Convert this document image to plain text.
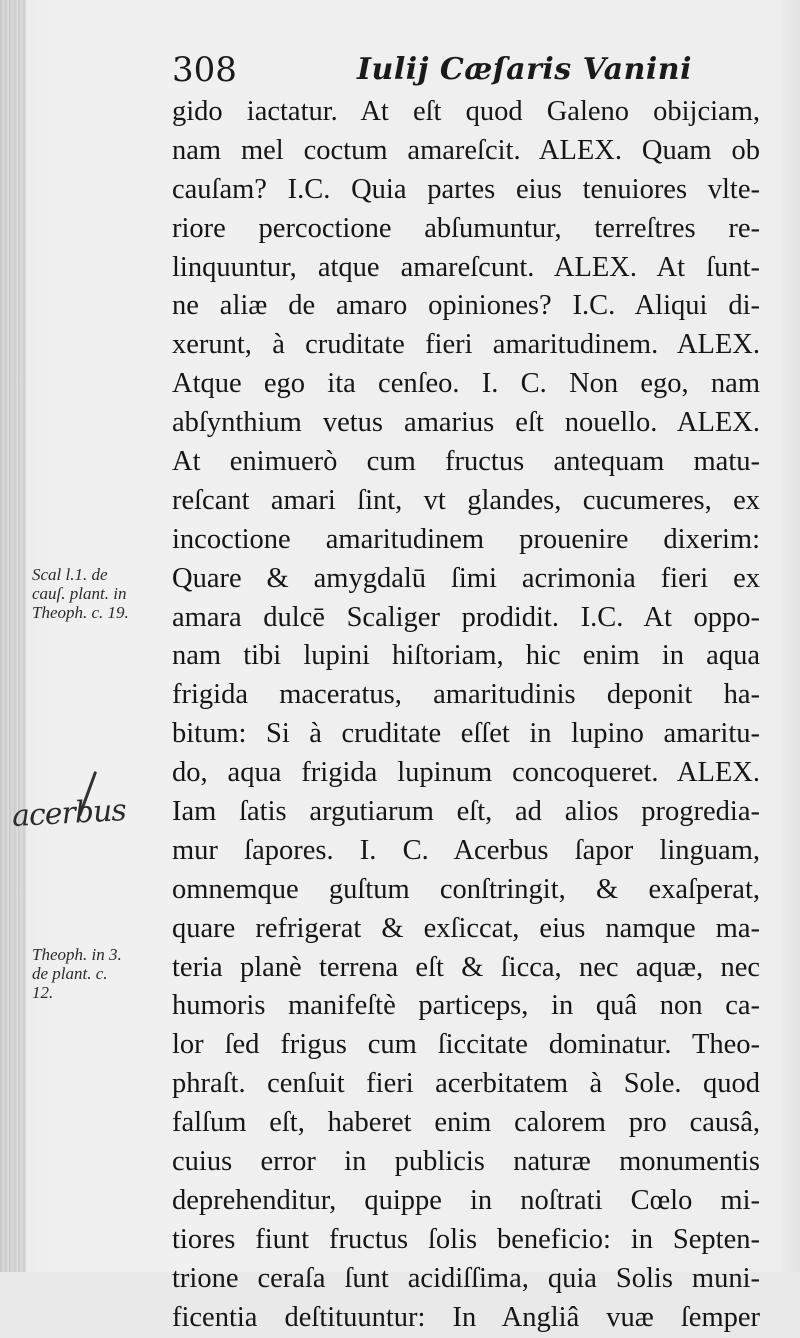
308	Iulij Cæſaris Vanini
gido iactatur. At eſt quod Galeno obijciam,
nam mel coctum amareſcit. ALEX. Quam ob
cauſam? I.C. Quia partes eius tenuiores vlte-
riore percoctione abſumuntur, terreſtres re-
linquuntur, atque amareſcunt. ALEX. At ſunt-
ne aliæ de amaro opiniones? I.C. Aliqui di-
xerunt, à cruditate fieri amaritudinem. ALEX.
Atque ego ita cenſeo. I. C. Non ego, nam
abſynthium vetus amarius eſt nouello. ALEX.
At enimuerò cum fructus antequam matu-
reſcant amari ſint, vt glandes, cucumeres, ex
incoctione amaritudinem prouenire dixerim:
Quare & amygdalū ſimi acrimonia fieri ex
amara dulcē Scaliger prodidit. I.C. At oppo-
nam tibi lupini hiſtoriam, hic enim in aqua
frigida maceratus, amaritudinis deponit ha-
bitum: Si à cruditate eſſet in lupino amaritu-
do, aqua frigida lupinum concoqueret. ALEX.
Iam ſatis argutiarum eſt, ad alios progredia-
mur ſapores. I. C. Acerbus ſapor linguam,
omnemque guſtum conſtringit, & exaſperat,
quare refrigerat & exſiccat, eius namque ma-
teria planè terrena eſt & ſicca, nec aquæ, nec
humoris manifeſtè particeps, in quâ non ca-
lor ſed frigus cum ſiccitate dominatur. Theo-
phraſt. cenſuit fieri acerbitatem à Sole. quod
falſum eſt, haberet enim calorem pro causâ,
cuius error in publicis naturæ monumentis
deprehenditur, quippe in noſtrati Cœlo mi-
tiores fiunt fructus ſolis beneficio: in Septen-
trione ceraſa ſunt acidiſſima, quia Solis muni-
ficentia deſtituuntur: In Angliâ vuæ ſemper
Scal l.1. de
cauſ. plant. in
Theoph. c. 19.
acerbus
Theoph. in 3.
de plant. c.
12.
